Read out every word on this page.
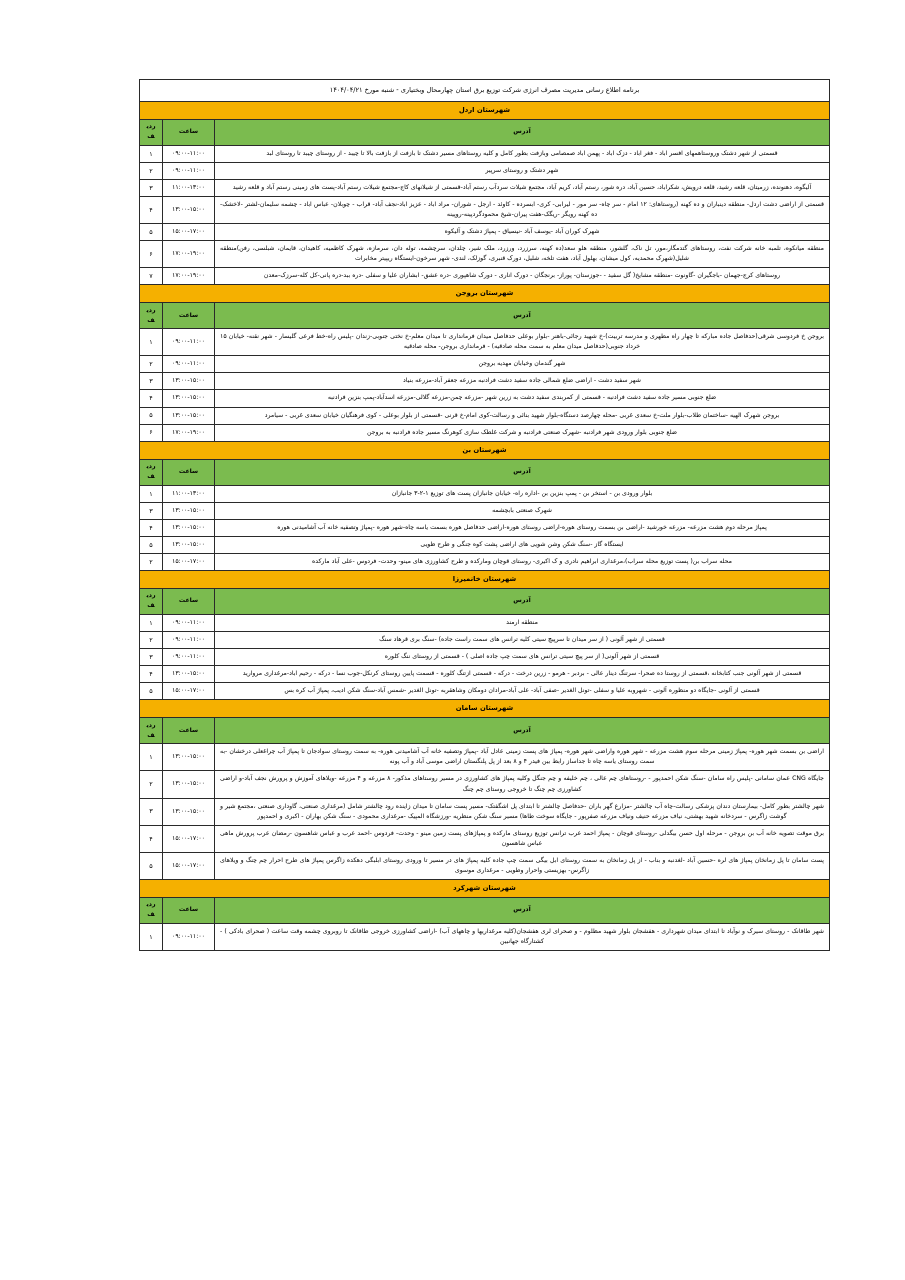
برنامه اطلاع رسانی مدیریت مصرف انرژی شرکت توزیع برق استان چهارمحال وبختیاری - شنبه مورخ ۱۴۰۴/۰۴/۲۱		
شهرستان اردل		
آدرس	ساعت	ردیف
قسمتی از شهر دشتک وروستاهمهای افسر اباد - فغر اباد - دزک اباد - پهمن اباد صمصامی وبازفت بطور کامل و کلیه روستاهای مسیر دشتک تا بازفت از بازفت بالا تا چیبد - از روستای چیبد تا روستای لبد	۰۹:۰۰-۱۱:۰۰	۱
شهر دشتک و روستای سرپیر	۰۹:۰۰-۱۱:۰۰	۲
آلیگوه، دهنونده، زرمیتان، قلعه رشید، قلعه درویش، شکراباد، حسین آباد، دره شور، رستم آباد، کریم آباد، مجتمع شیلات سردآب رستم آباد-قسمتی از شیلانهای کاج-مجتمع شیلات رستم آباد-پست های زمینی رستم آباد و قلعه رشید	۱۱:۰۰-۱۳:۰۰	۳
قسمتی از اراضی دشت اردل- منطقه دینباران و ده کهنه (روستاهای: ۱۲ امام - سر چاه- سر مور - لیرابی- کری- ابسرده - کاوئد - ارجل - شوران- مراد اباد - عزیز اباد-نجف آباد- قراب - چوبلان- عباس اباد - چشمه سلیمان-لشتر -لاخشک-ده کهنه رویگر -ریگک-هفت پیران-شیخ محمودگردپینه-روپینه	۱۳:۰۰-۱۵:۰۰	۴
شهرک کوران آباد -یوسف آباد -نیسیاق - پمپاژ دشتک و آلیکوه	۱۵:۰۰-۱۷:۰۰	۵
منطقه میانکوه، تلمبه خانه شرکت نفت، روستاهای گتدمگار،مور، تل ناک، گلشور، منطقه هلو سعد(ده کهنه، سرزرد، ورزرد، ملک شیر، چلدان، سرچشمه، توله دان، سرمازه، شهرک کاظمیه، کاهیدان، قایمان، شبلسی، رفن)منطقه شلیل(شهرک محمدیه، کول میشان، بهلول آباد، هفت تلخه، شلیل، دورک قنبری، گوزلک، لندی- شهر سرخون-ایستگاه ریپیتر مخابرات	۱۷:۰۰-۱۹:۰۰	۶
روستاهای کرج-جهمان -باجگیران -گاونوت -منطقه مشایخ( گل سفید - -جوزستان- پوراز- برنجگان - دورک اناری - دورک شاهپوری -دره عشق- ابشاران علیا و سفلی -دره ببد-دره پانی-کل کله-سرزک-معدن	۱۷:۰۰-۱۹:۰۰	۷
شهرستان بروجن		
آدرس	ساعت	ردیف
بروجن خ فردوسی شرقی(حدفاصل جاده مبارکه تا چهار راه مطهری و مدرسه تربیت)-خ شهید رجائی-باهنر -بلوار بوعلی حدفاصل میدان فرمانداری تا میدان معلم-خ نختی جنوبی-زندان -پلیس راه-خط فرعی گلیسار - شهر نقنه- خیابان ۱۵ خرداد جنوبی(حدفاصل میدان معلم به سمت محله صادقیه) - فرمانداری بروجن- محله صادقیه	۰۹:۰۰-۱۱:۰۰	۱
شهر گندمان وخیابان مهدیه بروجن	۰۹:۰۰-۱۱:۰۰	۲
شهر سفید دشت - اراضی ضلع شمالی جاده سفید دشت فرادنبه مزرعه جعفر آباد-مزرعه بنیاد	۱۳:۰۰-۱۵:۰۰	۳
ضلع جنوبی مسیر جاده سفید دشت فرادنبه - قسمتی از کمربندی سفید دشت به زرین شهر -مزرعه چمن-مزرعه گلالی-مزرعه اسدآباد-پمپ بنزین فرادنبه	۱۳:۰۰-۱۵:۰۰	۴
بروجن شهرک الهیه -ساختمان طلاب-بلوار ملت-خ سعدی غربی -محله چهارصد دستگاه-بلوار شهید بنائی و رسالت-کوی امام-خ قرنی -قسمتی از بلوار بوعلی - کوی فرهنگیان خیابان سعدی غربی - سیامرد	۱۳:۰۰-۱۵:۰۰	۵
ضلع جنوبی بلوار ورودی شهر فرادنبه -شهرک صنعتی فرادنبه و شرکت غلطک سازی کوهرنگ مسیر جاده فرادنبه به بروجن	۱۷:۰۰-۱۹:۰۰	۶
شهرستان بن		
آدرس	ساعت	ردیف
بلوار ورودی بن - استخر بن - پمپ بنزین بن -اداره راه- خیابان جانبازان پست های توزیع ۱-۲-۳ جانبازان	۱۱:۰۰-۱۳:۰۰	۱
شهرک صنعتی بابچشمه	۱۳:۰۰-۱۵:۰۰	۳
پمپاژ مرحله دوم هشت مزرعه- مزرعه خورشید -اراضی بن بسمت روستای هوره-اراضی روستای هوره-اراضی حدفاصل هوره بسمت یاسه چاه-شهر هوره -پمپاژ وتصفیه خانه آب آشامیدنی هوره	۱۳:۰۰-۱۵:۰۰	۴
ایستگاه گاز -سنگ شکن وشن شویی های اراضی پشت کوه جنگی و طرح ظویی	۱۳:۰۰-۱۵:۰۰	۵
محله سراب بن( پست توزیع محله سراب)،مرغداری ابراهیم نادری و ک اکیری- روستای قوچان ومارکده و طرح کشاورزی های مینو- وحدت- فردوس -علی آباد مارکده	۱۵:۰۰-۱۷:۰۰	۲
شهرستان خانمیرزا		
آدرس	ساعت	ردیف
منطقه ارمند	۰۹:۰۰-۱۱:۰۰	۱
قسمتی از شهر آلونی ( از سر میدان تا سرپیچ سیتی کلیه ترانس های سمت راست جاده) -سنگ بری قرهاد سنگ	۰۹:۰۰-۱۱:۰۰	۲
قسمتی از شهر آلونی( از سر پیچ سیتی ترانس های سمت چپ جاده اصلی ) - قسمتی از روستای ننگ کلوره	۰۹:۰۰-۱۱:۰۰	۳
قسمتی از شهر آلونی جنب کتابخانه ،قسمتی از روستا ده صحرا- سرتنگ دینار عالی - بردبر - هرمو - زرین درخت - درکه - قسمتی ازتنگ کلوره - قسمت پایین روستای کرنکل-جوب نسا - درکه - رحیم اباد-مرغداری مروارید	۱۳:۰۰-۱۵:۰۰	۴
قسمتی از آلونی -جایگاه دو منظوره آلونی - شهروبه علیا و سفلی -تونل الغدیر -صفی آباد- علی آباد-مرادان دومکان وشاهقربه -تونل الغدیر -شمس آباد-سنگ شکن ادیب، پمپاژ آب کره بس	۱۵:۰۰-۱۷:۰۰	۵
شهرستان سامان		
آدرس	ساعت	ردیف
اراضی بن بسمت شهر هوره- پمپاژ زمینی مرحله سوم هشت مزرعه - شهر هوره واراضی شهر هوره- پمپاژ های پست زمینی عادل آباد -پمپاژ وتصفیه خانه آب آشامیدنی هوره- به سمت روستای سوادجان تا پمپاژ آب چراغعلی درخشان -به سمت روستای یاسه چاه تا جداساز رابط بین فیدر ۴ و ۸ بعد از پل پلنگستان اراضی موسی آباد و آب پونه	۱۳:۰۰-۱۵:۰۰	۱
جایگاه CNG عمان سامانی -پلیس راه سامان -سنگ شکن احمدپور - -روستاهای چم عالی ، چم خلیفه و چم جنگل وکلیه پمپاژ های کشاورزی در مسیر روستاهای مذکور- ۸ مزرعه و ۴ مزرعه -ویلاهای آموزش و پرورش نجف آباد-و اراضی کشاورزی چم چنگ تا خروجی روستای چم چنگ	۱۳:۰۰-۱۵:۰۰	۲
شهر چالشتر بطور کامل- بیمارستان دندان پزشکی رسالت-چاه آب چالشتر -مزارع گهر باران -حدفاصل چالشتر تا ابتدای پل اشگفتک- مسیر پست سامان تا میدان زاینده رود چالشتر شامل (مرغداری صنعتی، گاوداری صنعتی ،مجتمع شیر و گوشت زاگرس - سردخانه شهید بهشتی، نیاف مزرعه حنیف ونیاف مزرعه صفرپور - جایگاه سوخت طاها) مسیر سنگ شکن منظریه -ورزشگاه المپیک -مرغداری محمودی - سنگ شکن بهاران - اکبری و احمدپور	۱۳:۰۰-۱۵:۰۰	۳
برق موقت تصویه خانه آب بن بروجن - مرحله اول حسن بیگدلی -روستای قوچان - پمپاژ احمد عرب ترانس توزیع روستای مارکده و پمپاژهای پست زمین مینو - وحدت- فردوس -احمد عرب و عباس شاهسون -رمضان عرب پرورش ماهی عباس شاهسون	۱۵:۰۰-۱۷:۰۰	۴
پست سامان تا پل زمانخان پمپاژ های لره -حسین آباد -لغدنبه و بناب - از پل زمانخان به سمت روستای ابل بیگی سمت چپ جاده کلیه پمپاژ های در مسیر تا ورودی روستای ابلبگی دهکده زاگرس پمپاژ های طرح احرار چم چنگ و ویلاهای زاگرس- بهزیستی واحرار وطویی - مرغداری موسوی	۱۵:۰۰-۱۷:۰۰	۵
شهرستان شهرکرد		
آدرس	ساعت	ردیف
شهر طاقانک - روستای سیرک و نوآباد تا ابتدای میدان شهرداری - هفشجان بلوار شهید مظلوم - و صحرای لری هفشجان(کلیه مرغداریها و چاههای آب) -اراضی کشاورزی خروجی طاقانک تا روبروی چشمه وقت ساعت ( صحرای بادکی ) - کشتارگاه جهانبین	۰۹:۰۰-۱۱:۰۰	۱
